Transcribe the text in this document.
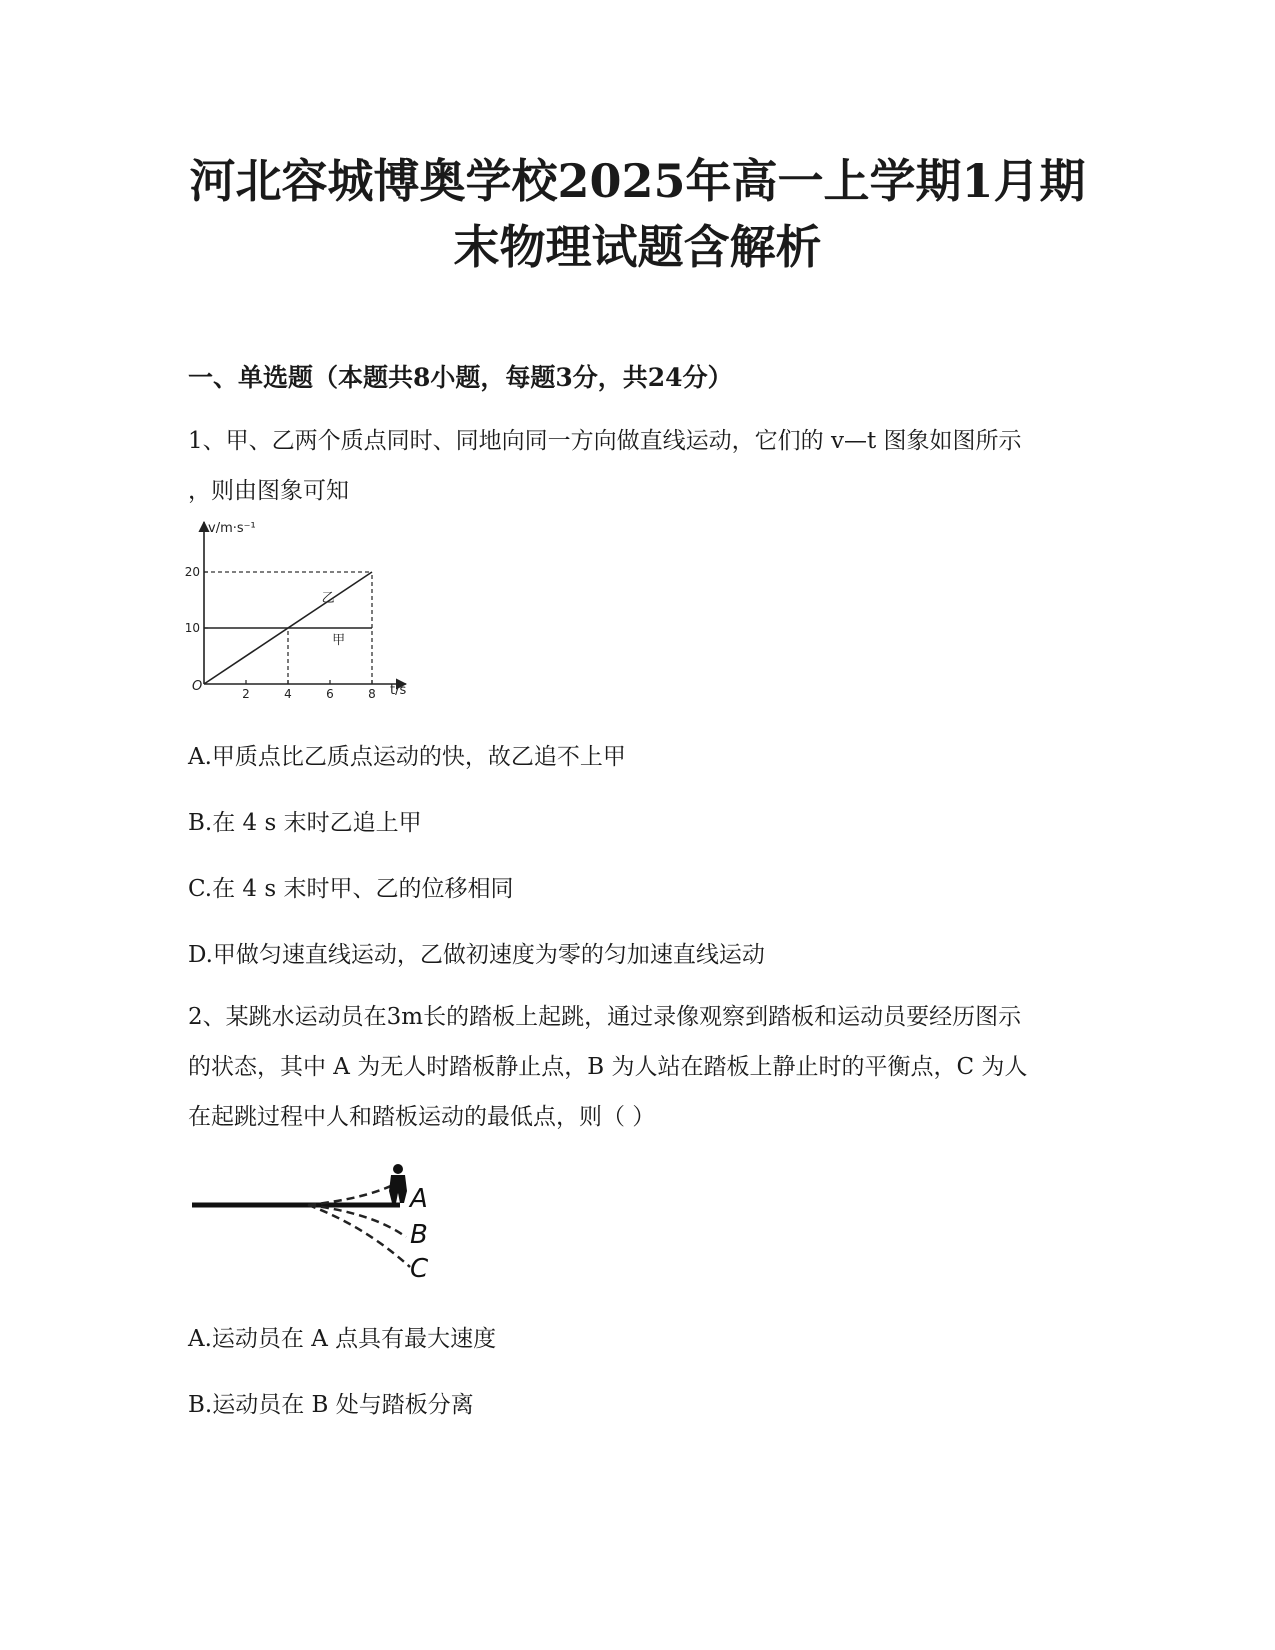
河北容城博奥学校2025年高一上学期1月期
末物理试题含解析
一、单选题（本题共8小题，每题3分，共24分）
1、甲、乙两个质点同时、同地向同一方向做直线运动，它们的 v—t 图象如图所示
，则由图象可知
v/m·s⁻¹
t/s
O
甲
乙
2	4	6	8
10
20
A.甲质点比乙质点运动的快，故乙追不上甲
B.在 4 s 末时乙追上甲
C.在 4 s 末时甲、乙的位移相同
D.甲做匀速直线运动，乙做初速度为零的匀加速直线运动
2、某跳水运动员在3m长的踏板上起跳，通过录像观察到踏板和运动员要经历图示
的状态，其中 A 为无人时踏板静止点，B 为人站在踏板上静止时的平衡点，C 为人
在起跳过程中人和踏板运动的最低点，则（ ）
A
B
C
A.运动员在 A 点具有最大速度
B.运动员在 B 处与踏板分离
